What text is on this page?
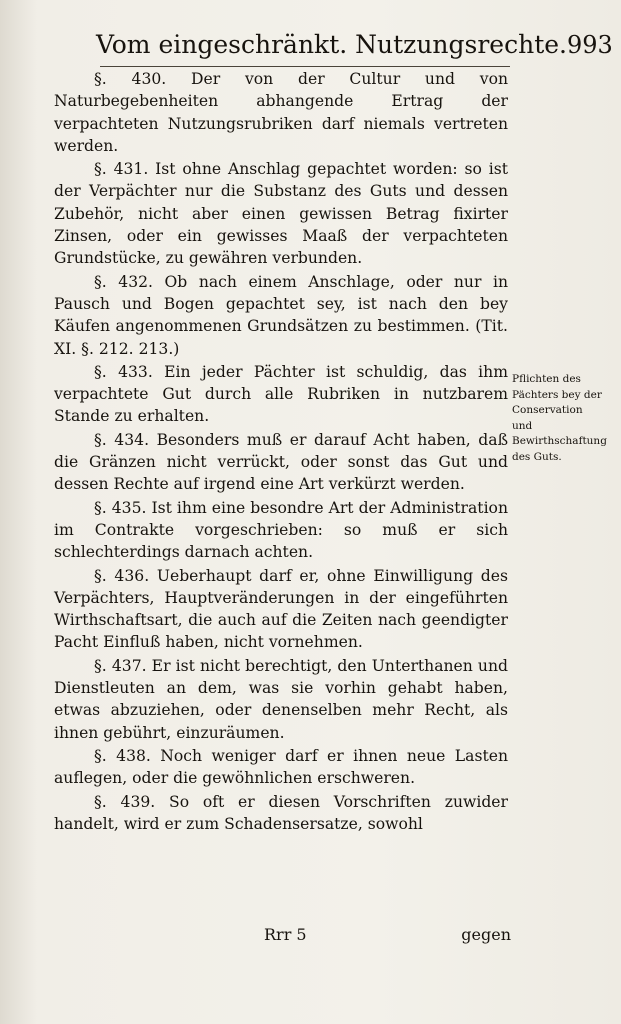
Vom eingeschränkt. Nutzungsrechte. 993

§. 430. Der von der Cultur und von Naturbegebenheiten abhangende Ertrag der verpachteten Nutzungsrubriken darf niemals vertreten werden.

§. 431. Ist ohne Anschlag gepachtet worden: so ist der Verpächter nur die Substanz des Guts und dessen Zubehör, nicht aber einen gewissen Betrag fixirter Zinsen, oder ein gewisses Maaß der verpachteten Grundstücke, zu gewähren verbunden.

§. 432. Ob nach einem Anschlage, oder nur in Pausch und Bogen gepachtet sey, ist nach den bey Käufen angenommenen Grundsätzen zu bestimmen. (Tit. XI. §. 212. 213.)

§. 433. Ein jeder Pächter ist schuldig, das ihm verpachtete Gut durch alle Rubriken in nutzbarem Stande zu erhalten.

§. 434. Besonders muß er darauf Acht haben, daß die Gränzen nicht verrückt, oder sonst das Gut und dessen Rechte auf irgend eine Art verkürzt werden.

§. 435. Ist ihm eine besondre Art der Administration im Contrakte vorgeschrieben: so muß er sich schlechterdings darnach achten.

§. 436. Ueberhaupt darf er, ohne Einwilligung des Verpächters, Hauptveränderungen in der eingeführten Wirthschaftsart, die auch auf die Zeiten nach geendigter Pacht Einfluß haben, nicht vornehmen.

§. 437. Er ist nicht berechtigt, den Unterthanen und Dienstleuten an dem, was sie vorhin gehabt haben, etwas abzuziehen, oder denenselben mehr Recht, als ihnen gebührt, einzuräumen.

§. 438. Noch weniger darf er ihnen neue Lasten auflegen, oder die gewöhnlichen erschweren.

§. 439. So oft er diesen Vorschriften zuwider handelt, wird er zum Schadensersatze, sowohl

Pflichten des Pächters bey der Conservation und Bewirthschaftung des Guts.
Rrr 5	gegen
